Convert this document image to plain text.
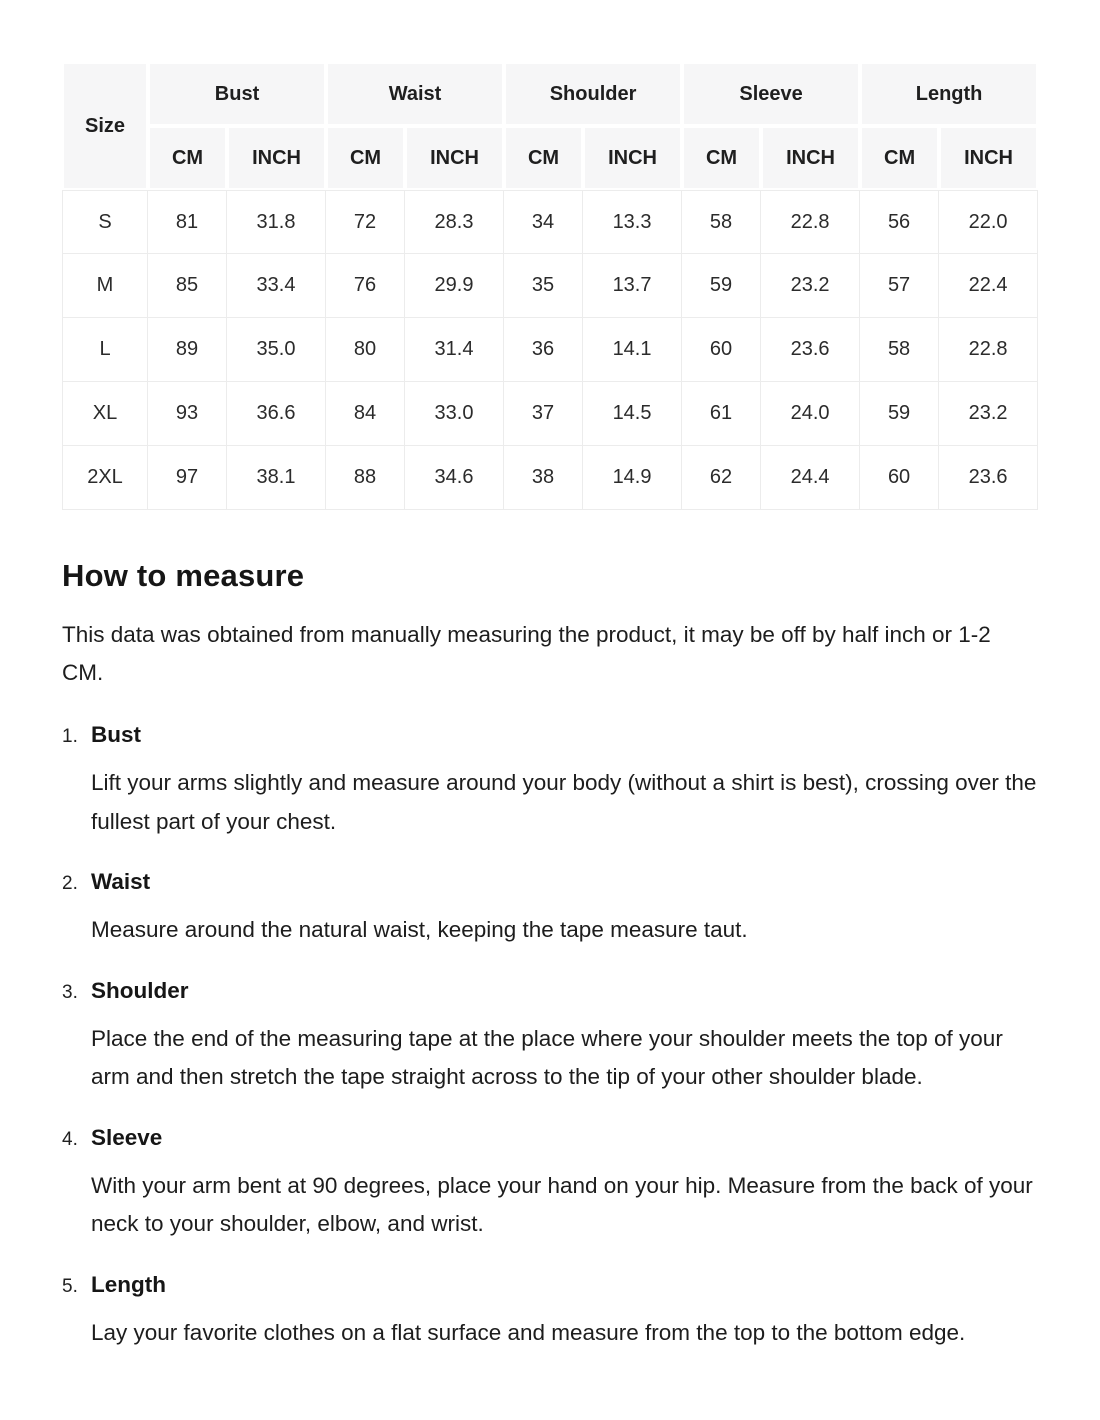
Size	Bust		Waist		Shoulder		Sleeve		Length	
	CM	INCH	CM	INCH	CM	INCH	CM	INCH	CM	INCH
S	81	31.8	72	28.3	34	13.3	58	22.8	56	22.0
M	85	33.4	76	29.9	35	13.7	59	23.2	57	22.4
L	89	35.0	80	31.4	36	14.1	60	23.6	58	22.8
XL	93	36.6	84	33.0	37	14.5	61	24.0	59	23.2
2XL	97	38.1	88	34.6	38	14.9	62	24.4	60	23.6
How to measure

This data was obtained from manually measuring the product, it may be off by half inch or 1-2 CM.

1. Bust
Lift your arms slightly and measure around your body (without a shirt is best), crossing over the fullest part of your chest.
2. Waist
Measure around the natural waist, keeping the tape measure taut.
3. Shoulder
Place the end of the measuring tape at the place where your shoulder meets the top of your arm and then stretch the tape straight across to the tip of your other shoulder blade.
4. Sleeve
With your arm bent at 90 degrees, place your hand on your hip. Measure from the back of your neck to your shoulder, elbow, and wrist.
5. Length
Lay your favorite clothes on a flat surface and measure from the top to the bottom edge.
